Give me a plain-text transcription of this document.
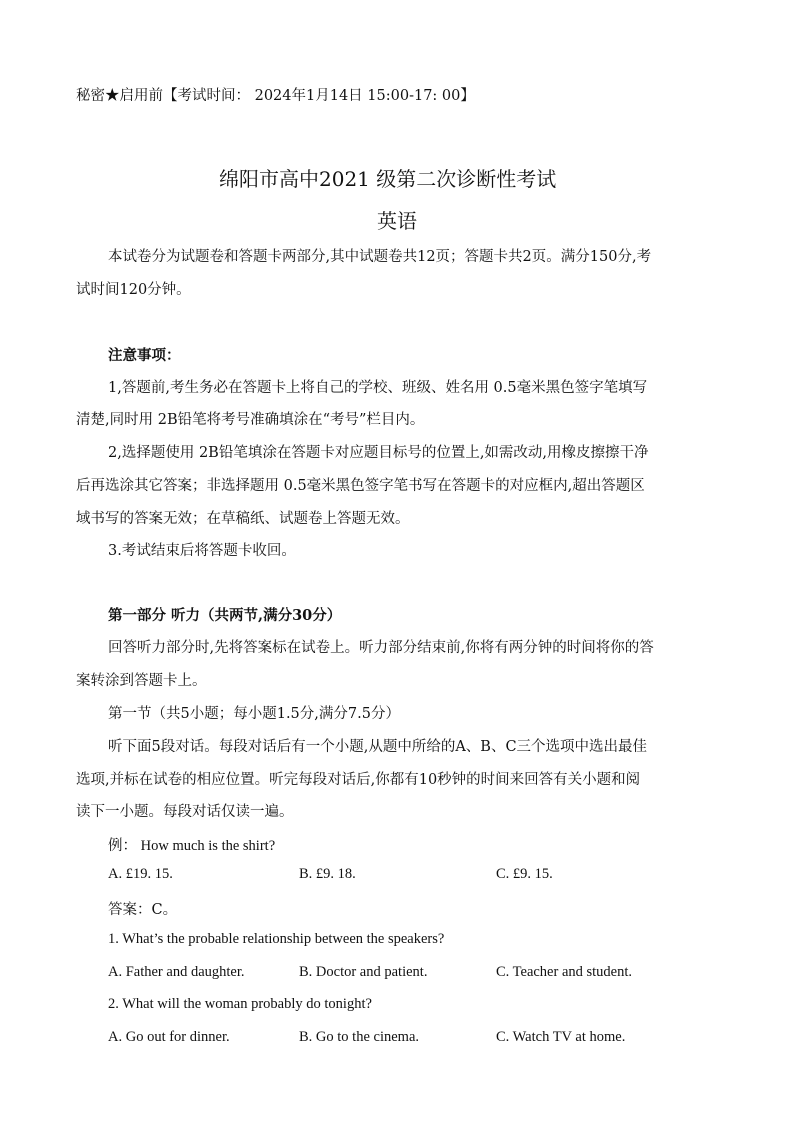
秘密★启用前【考试时间： 2024年1月14日 15:00-17: 00】
绵阳市高中2021 级第二次诊断性考试
英语
本试卷分为试题卷和答题卡两部分,其中试题卷共12页；答题卡共2页。满分150分,考
试时间120分钟。
注意事项：
1,答题前,考生务必在答题卡上将自己的学校、班级、姓名用 0.5毫米黑色签字笔填写
清楚,同时用 2B铅笔将考号准确填涂在“考号”栏目内。
2,选择题使用 2B铅笔填涂在答题卡对应题目标号的位置上,如需改动,用橡皮擦擦干净
后再选涂其它答案；非选择题用 0.5毫米黑色签字笔书写在答题卡的对应框内,超出答题区
域书写的答案无效；在草稿纸、试题卷上答题无效。
3.考试结束后将答题卡收回。
第一部分 听力（共两节,满分30分）
回答听力部分时,先将答案标在试卷上。听力部分结束前,你将有两分钟的时间将你的答
案转涂到答题卡上。
第一节（共5小题；每小题1.5分,满分7.5分）
听下面5段对话。每段对话后有一个小题,从题中所给的A、B、C三个选项中选出最佳
选项,并标在试卷的相应位置。听完每段对话后,你都有10秒钟的时间来回答有关小题和阅
读下一小题。每段对话仅读一遍。
例： How much is the shirt?
A. £19. 15.	B. £9. 18.	C. £9. 15.
答案：C。
1. What’s the probable relationship between the speakers?
A. Father and daughter.	B. Doctor and patient.	C. Teacher and student.
2. What will the woman probably do tonight?
A. Go out for dinner.	B. Go to the cinema.	C. Watch TV at home.
